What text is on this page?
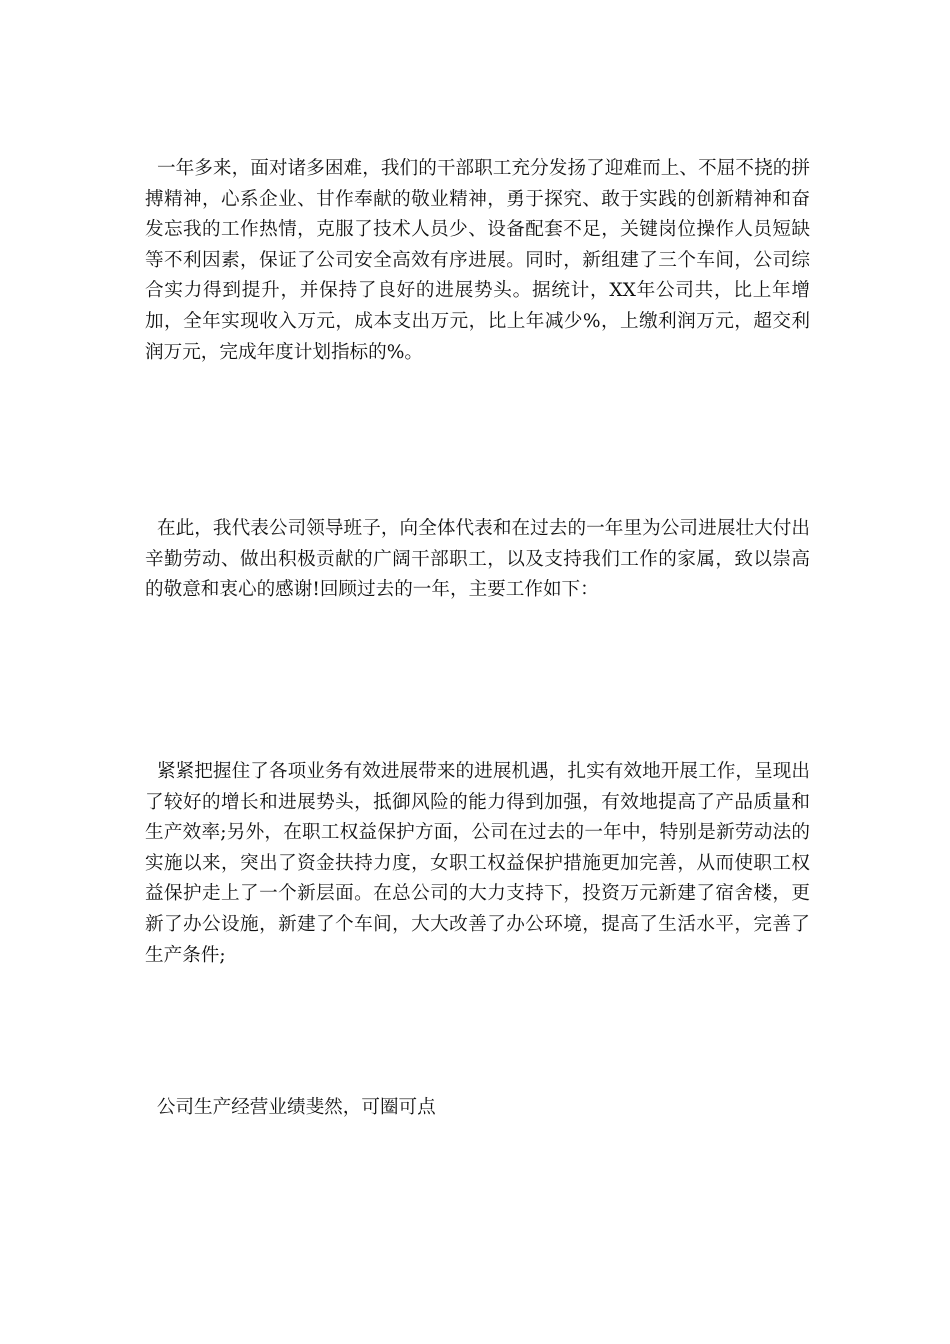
一年多来，面对诸多困难，我们的干部职工充分发扬了迎难而上、不屈不挠的拼搏精神，心系企业、甘作奉献的敬业精神，勇于探究、敢于实践的创新精神和奋发忘我的工作热情，克服了技术人员少、设备配套不足，关键岗位操作人员短缺等不利因素，保证了公司安全高效有序进展。同时，新组建了三个车间，公司综合实力得到提升，并保持了良好的进展势头。据统计，XX年公司共，比上年增加，全年实现收入万元，成本支出万元，比上年减少%，上缴利润万元，超交利润万元，完成年度计划指标的%。

在此，我代表公司领导班子，向全体代表和在过去的一年里为公司进展壮大付出辛勤劳动、做出积极贡献的广阔干部职工，以及支持我们工作的家属，致以崇高的敬意和衷心的感谢!回顾过去的一年，主要工作如下：

紧紧把握住了各项业务有效进展带来的进展机遇，扎实有效地开展工作，呈现出了较好的增长和进展势头，抵御风险的能力得到加强，有效地提高了产品质量和生产效率;另外，在职工权益保护方面，公司在过去的一年中，特别是新劳动法的实施以来，突出了资金扶持力度，女职工权益保护措施更加完善，从而使职工权益保护走上了一个新层面。在总公司的大力支持下，投资万元新建了宿舍楼，更新了办公设施，新建了个车间，大大改善了办公环境，提高了生活水平，完善了生产条件;

公司生产经营业绩斐然，可圈可点
